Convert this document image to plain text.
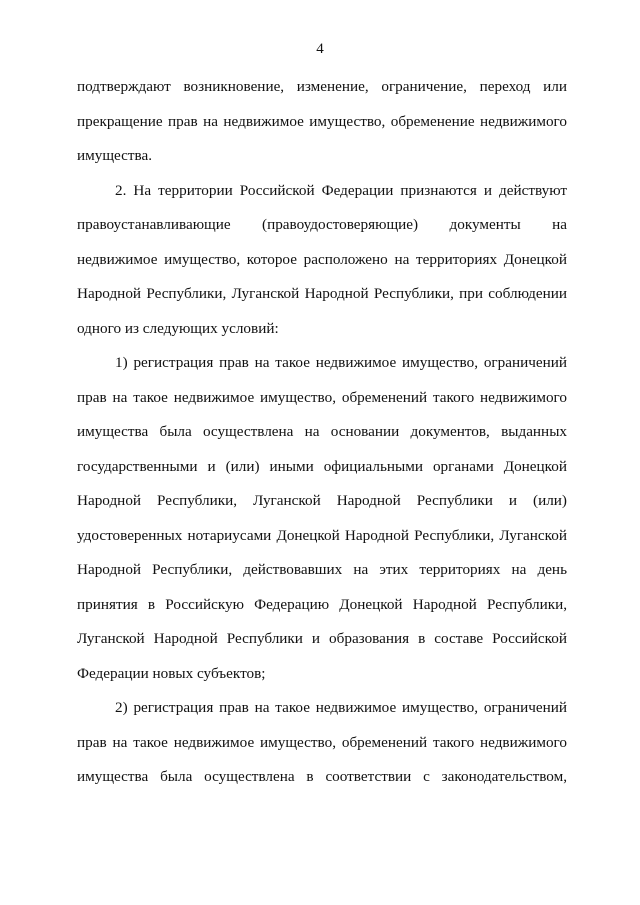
4
подтверждают возникновение, изменение, ограничение, переход или
прекращение прав на недвижимое имущество, обременение недвижимого
имущества.
2. На территории Российской Федерации признаются и действуют
правоустанавливающие (правоудостоверяющие) документы на
недвижимое имущество, которое расположено на территориях Донецкой
Народной Республики, Луганской Народной Республики, при соблюдении
одного из следующих условий:
1) регистрация прав на такое недвижимое имущество, ограничений
прав на такое недвижимое имущество, обременений такого недвижимого
имущества была осуществлена на основании документов, выданных
государственными и (или) иными официальными органами Донецкой
Народной Республики, Луганской Народной Республики и (или)
удостоверенных нотариусами Донецкой Народной Республики, Луганской
Народной Республики, действовавших на этих территориях на день
принятия в Российскую Федерацию Донецкой Народной Республики,
Луганской Народной Республики и образования в составе Российской
Федерации новых субъектов;
2) регистрация прав на такое недвижимое имущество, ограничений
прав на такое недвижимое имущество, обременений такого недвижимого
имущества была осуществлена в соответствии с законодательством,
